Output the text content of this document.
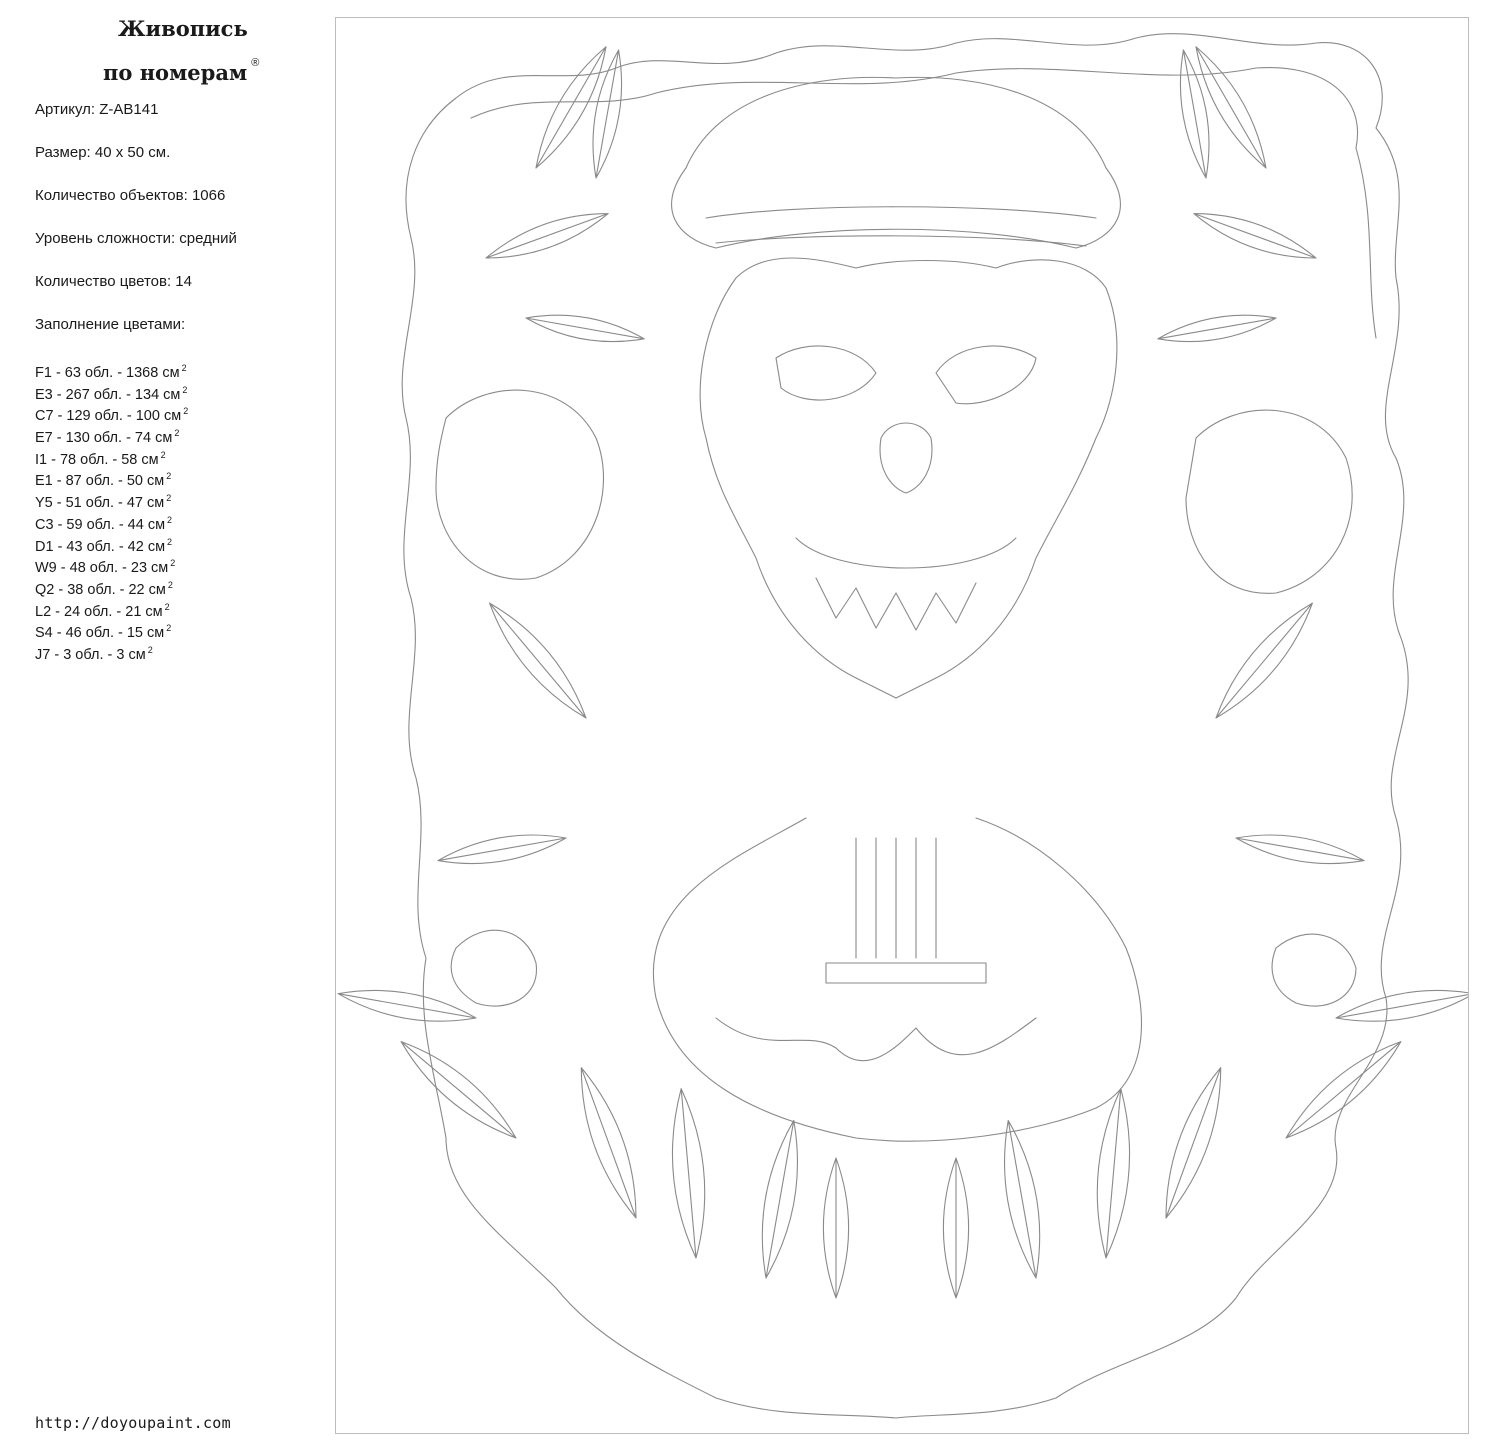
Живопись
по номерам ®
Артикул: Z-AB141
Размер: 40 х 50 см.
Количество объектов: 1066
Уровень сложности: средний
Количество цветов: 14
Заполнение цветами:
F1 - 63 обл. - 1368 см $^2$
E3 - 267 обл. - 134 см $^2$
C7 - 129 обл. - 100 см $^2$
E7 - 130 обл. - 74 см $^2$
I1 - 78 обл. - 58 см $^2$
E1 - 87 обл. - 50 см $^2$
Y5 - 51 обл. - 47 см $^2$
C3 - 59 обл. - 44 см $^2$
D1 - 43 обл. - 42 см $^2$
W9 - 48 обл. - 23 см $^2$
Q2 - 38 обл. - 22 см $^2$
L2 - 24 обл. - 21 см $^2$
S4 - 46 обл. - 15 см $^2$
J7 - 3 обл. - 3 см $^2$
http://doyoupaint.com
